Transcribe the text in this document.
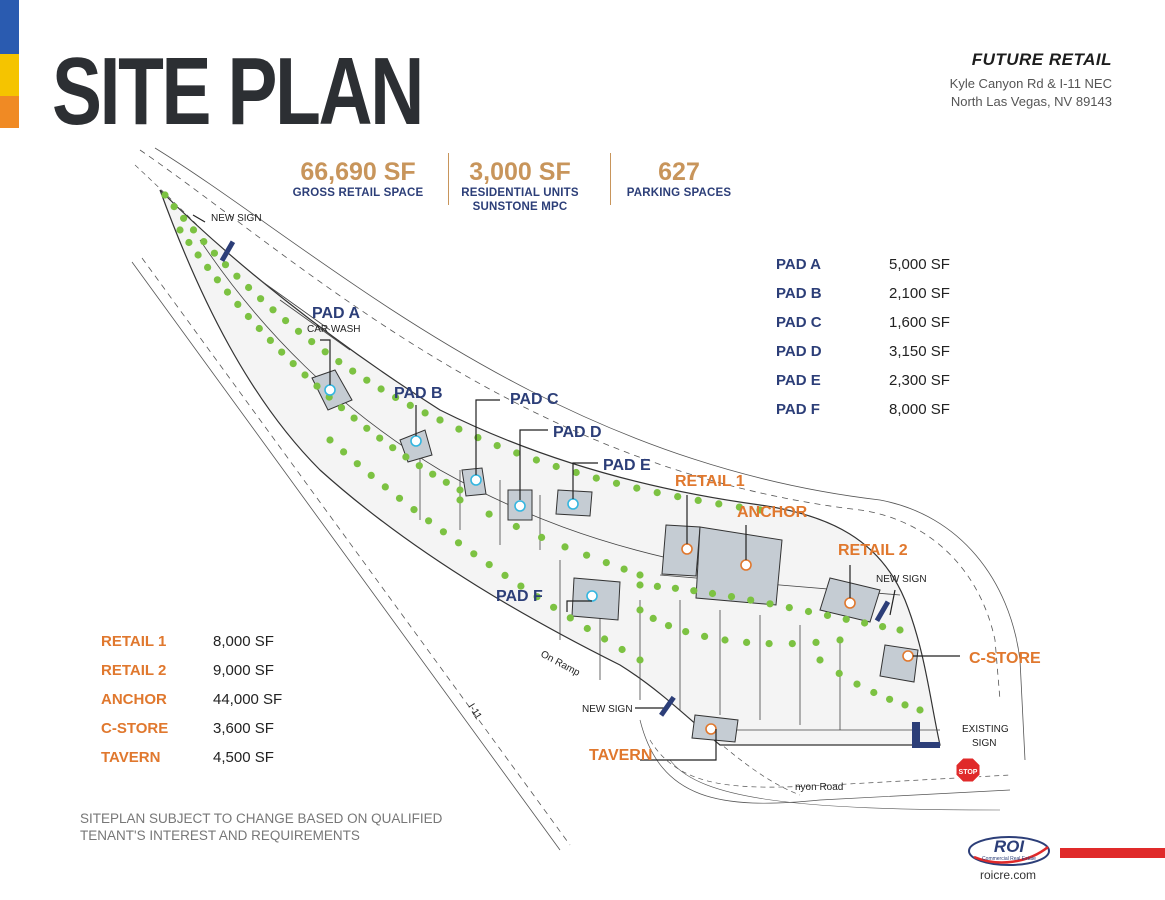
SITE PLAN	FUTURE RETAIL
Kyle Canyon Rd & I-11 NEC
North Las Vegas, NV 89143
STOP
On Ramp
I-11
nyon Road
PAD A
CAR WASH
PAD B	PAD C
PAD D
PAD E
PAD F
RETAIL 1
ANCHOR
RETAIL 2
C-STORE
TAVERN
NEW SIGN
NEW SIGN
NEW SIGN
EXISTING
SIGN
66,690 SF
GROSS RETAIL SPACE
3,000 SF
RESIDENTIAL UNITS
SUNSTONE MPC
627
PARKING SPACES
PAD A	5,000 SF
PAD B	2,100 SF
PAD C	1,600 SF
PAD D	3,150 SF
PAD E	2,300 SF
PAD F	8,000 SF
RETAIL 1	8,000 SF
RETAIL 2	9,000 SF
ANCHOR	44,000 SF
C-STORE	3,600 SF
TAVERN	4,500 SF
SITEPLAN SUBJECT TO CHANGE BASED ON QUALIFIED
TENANT'S INTEREST AND REQUIREMENTS
ROI
Commercial Real Estate
roicre.com
